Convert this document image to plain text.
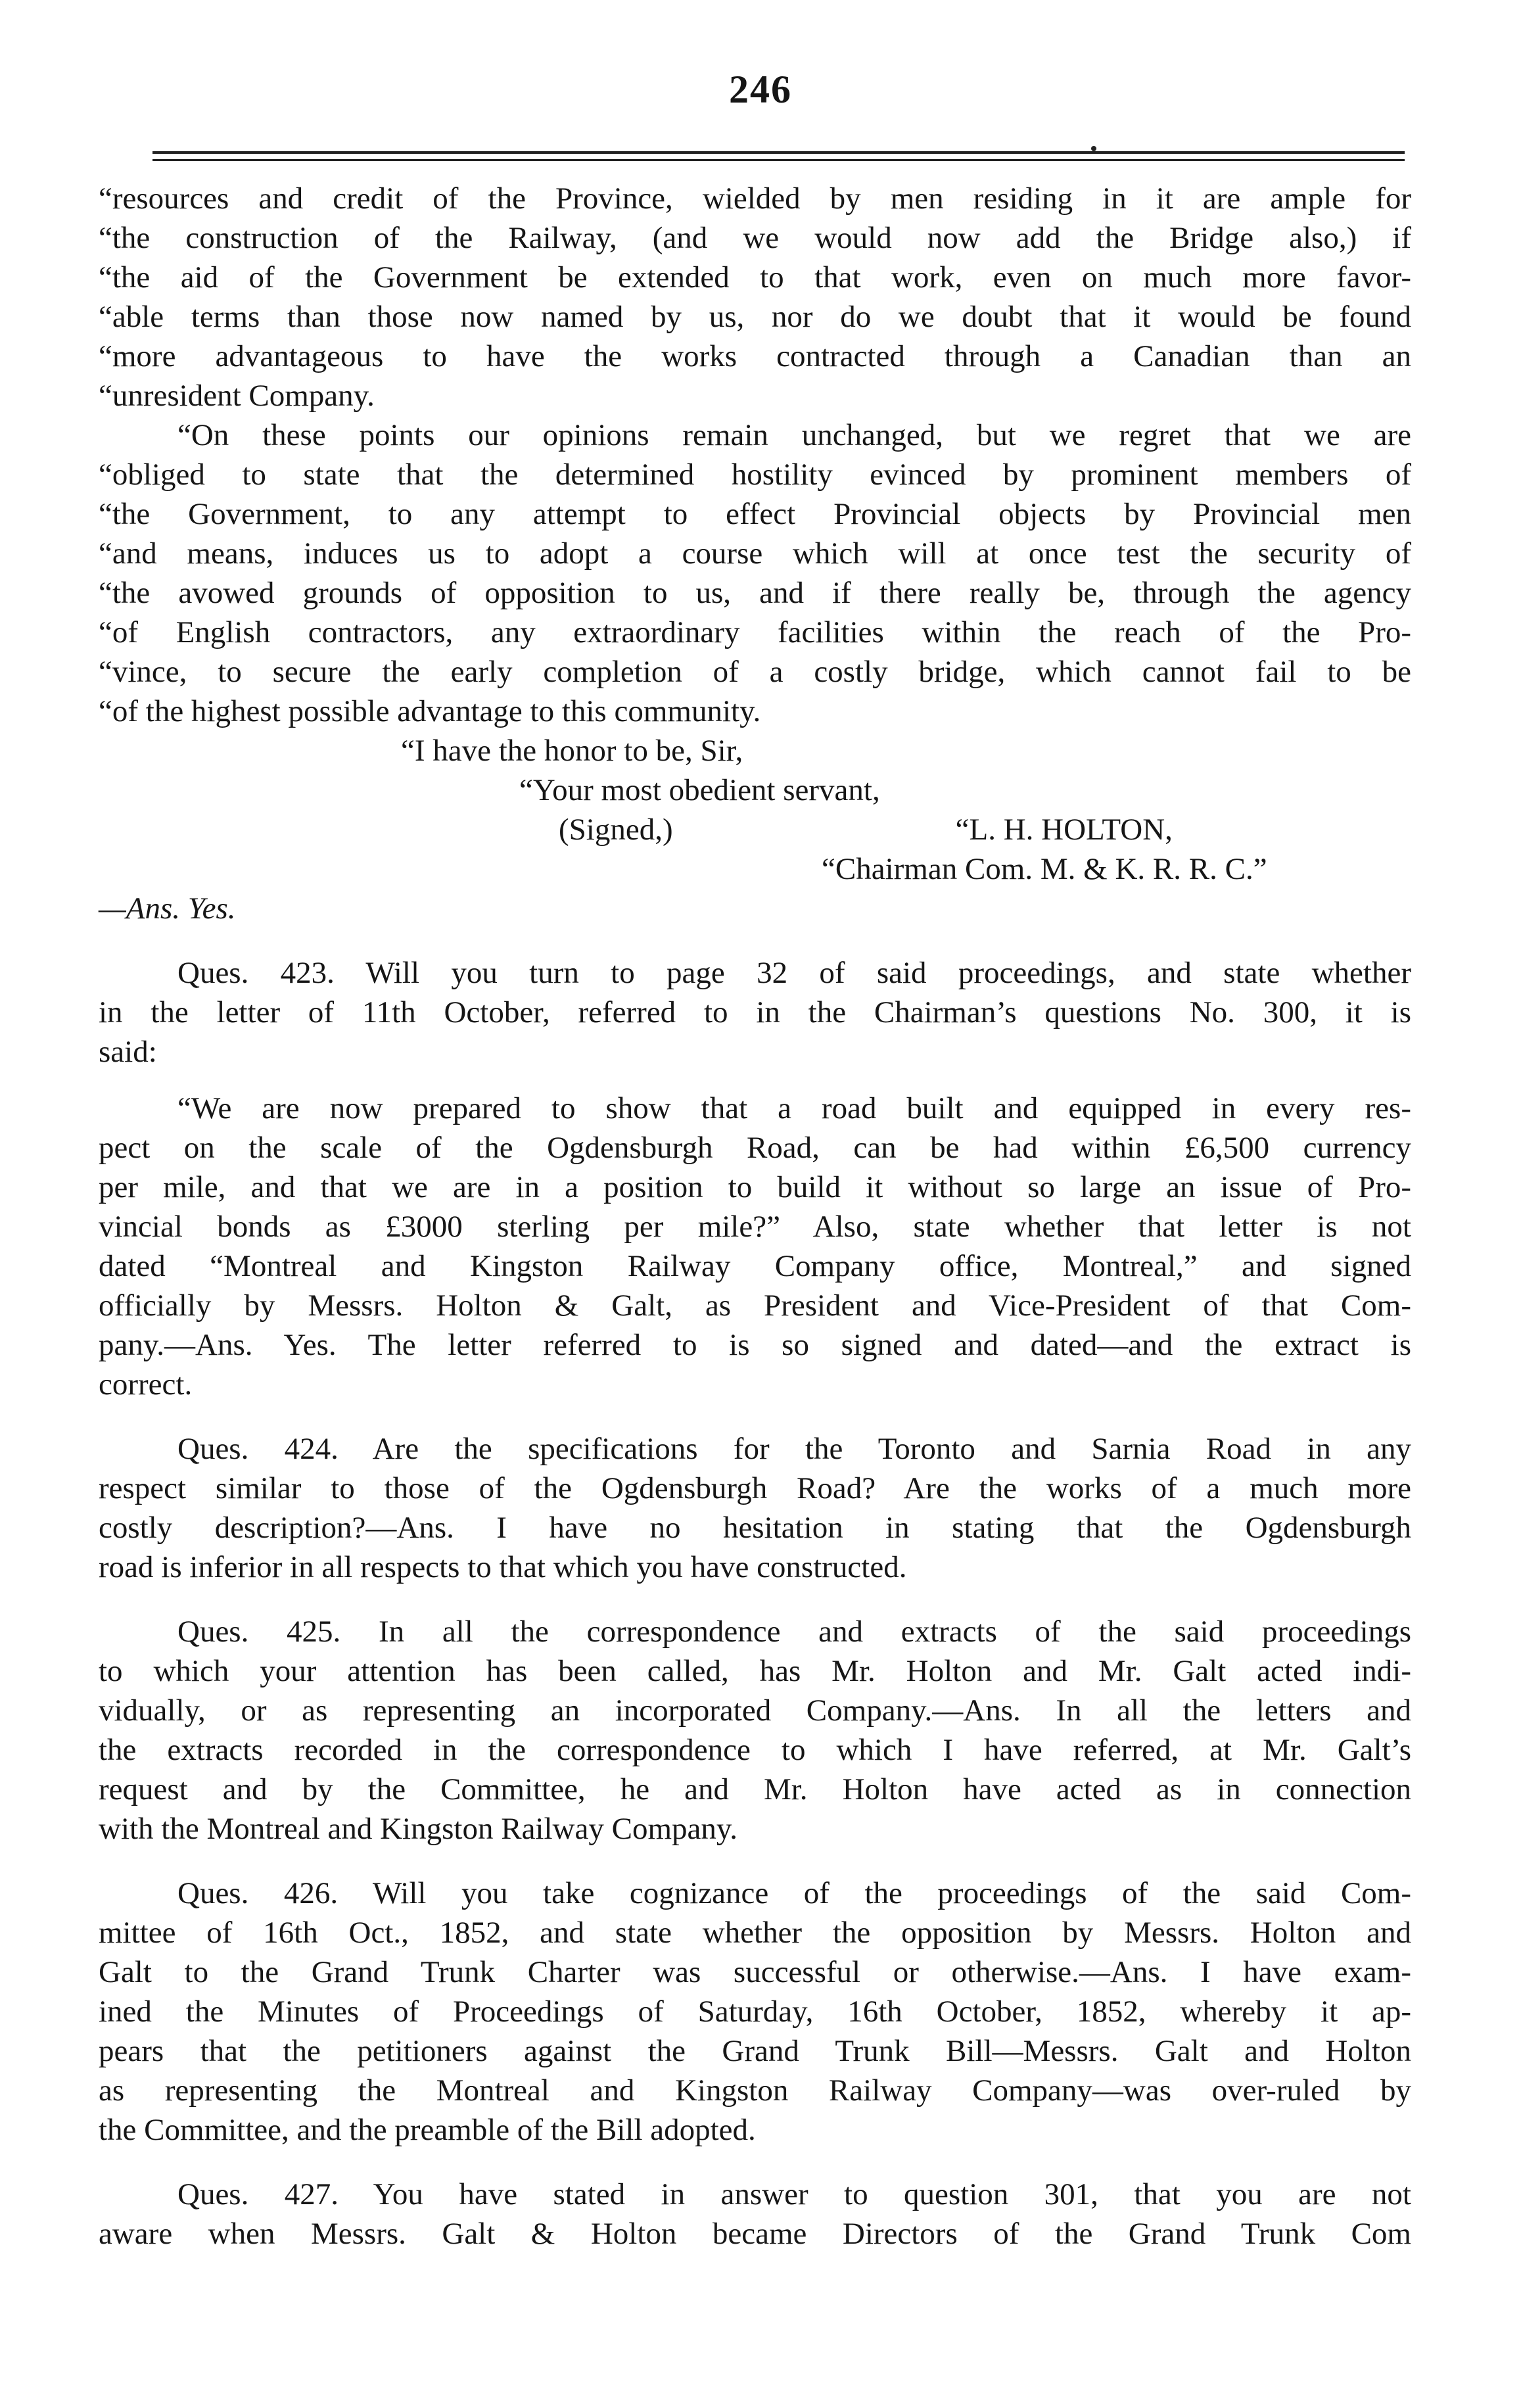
246
“resources and credit of the Province, wielded by men residing in it are ample for
“the construction of the Railway, (and we would now add the Bridge also,) if
“the aid of the Government be extended to that work, even on much more favor-
“able terms than those now named by us, nor do we doubt that it would be found
“more advantageous to have the works contracted through a Canadian than an
“unresident Company.
“On these points our opinions remain unchanged, but we regret that we are
“obliged to state that the determined hostility evinced by prominent members of
“the Government, to any attempt to effect Provincial objects by Provincial men
“and means, induces us to adopt a course which will at once test the security of
“the avowed grounds of opposition to us, and if there really be, through the agency
“of English contractors, any extraordinary facilities within the reach of the Pro-
“vince, to secure the early completion of a costly bridge, which cannot fail to be
“of the highest possible advantage to this community.
“I have the honor to be, Sir,
“Your most obedient servant,
(Signed,)	“L. H. HOLTON,
“Chairman Com. M. & K. R. R. C.”
—Ans. Yes.
Ques. 423. Will you turn to page 32 of said proceedings, and state whether
in the letter of 11th October, referred to in the Chairman’s questions No. 300, it is
said:
“We are now prepared to show that a road built and equipped in every res-
pect on the scale of the Ogdensburgh Road, can be had within £6,500 currency
per mile, and that we are in a position to build it without so large an issue of Pro-
vincial bonds as £3000 sterling per mile?” Also, state whether that letter is not
dated “Montreal and Kingston Railway Company office, Montreal,” and signed
officially by Messrs. Holton & Galt, as President and Vice-President of that Com-
pany.—Ans. Yes. The letter referred to is so signed and dated—and the extract is
correct.
Ques. 424. Are the specifications for the Toronto and Sarnia Road in any
respect similar to those of the Ogdensburgh Road? Are the works of a much more
costly description?—Ans. I have no hesitation in stating that the Ogdensburgh
road is inferior in all respects to that which you have constructed.
Ques. 425. In all the correspondence and extracts of the said proceedings
to which your attention has been called, has Mr. Holton and Mr. Galt acted indi-
vidually, or as representing an incorporated Company.—Ans. In all the letters and
the extracts recorded in the correspondence to which I have referred, at Mr. Galt’s
request and by the Committee, he and Mr. Holton have acted as in connection
with the Montreal and Kingston Railway Company.
Ques. 426. Will you take cognizance of the proceedings of the said Com-
mittee of 16th Oct., 1852, and state whether the opposition by Messrs. Holton and
Galt to the Grand Trunk Charter was successful or otherwise.—Ans. I have exam-
ined the Minutes of Proceedings of Saturday, 16th October, 1852, whereby it ap-
pears that the petitioners against the Grand Trunk Bill—Messrs. Galt and Holton
as representing the Montreal and Kingston Railway Company—was over-ruled by
the Committee, and the preamble of the Bill adopted.
Ques. 427. You have stated in answer to question 301, that you are not
aware when Messrs. Galt & Holton became Directors of the Grand Trunk Com
